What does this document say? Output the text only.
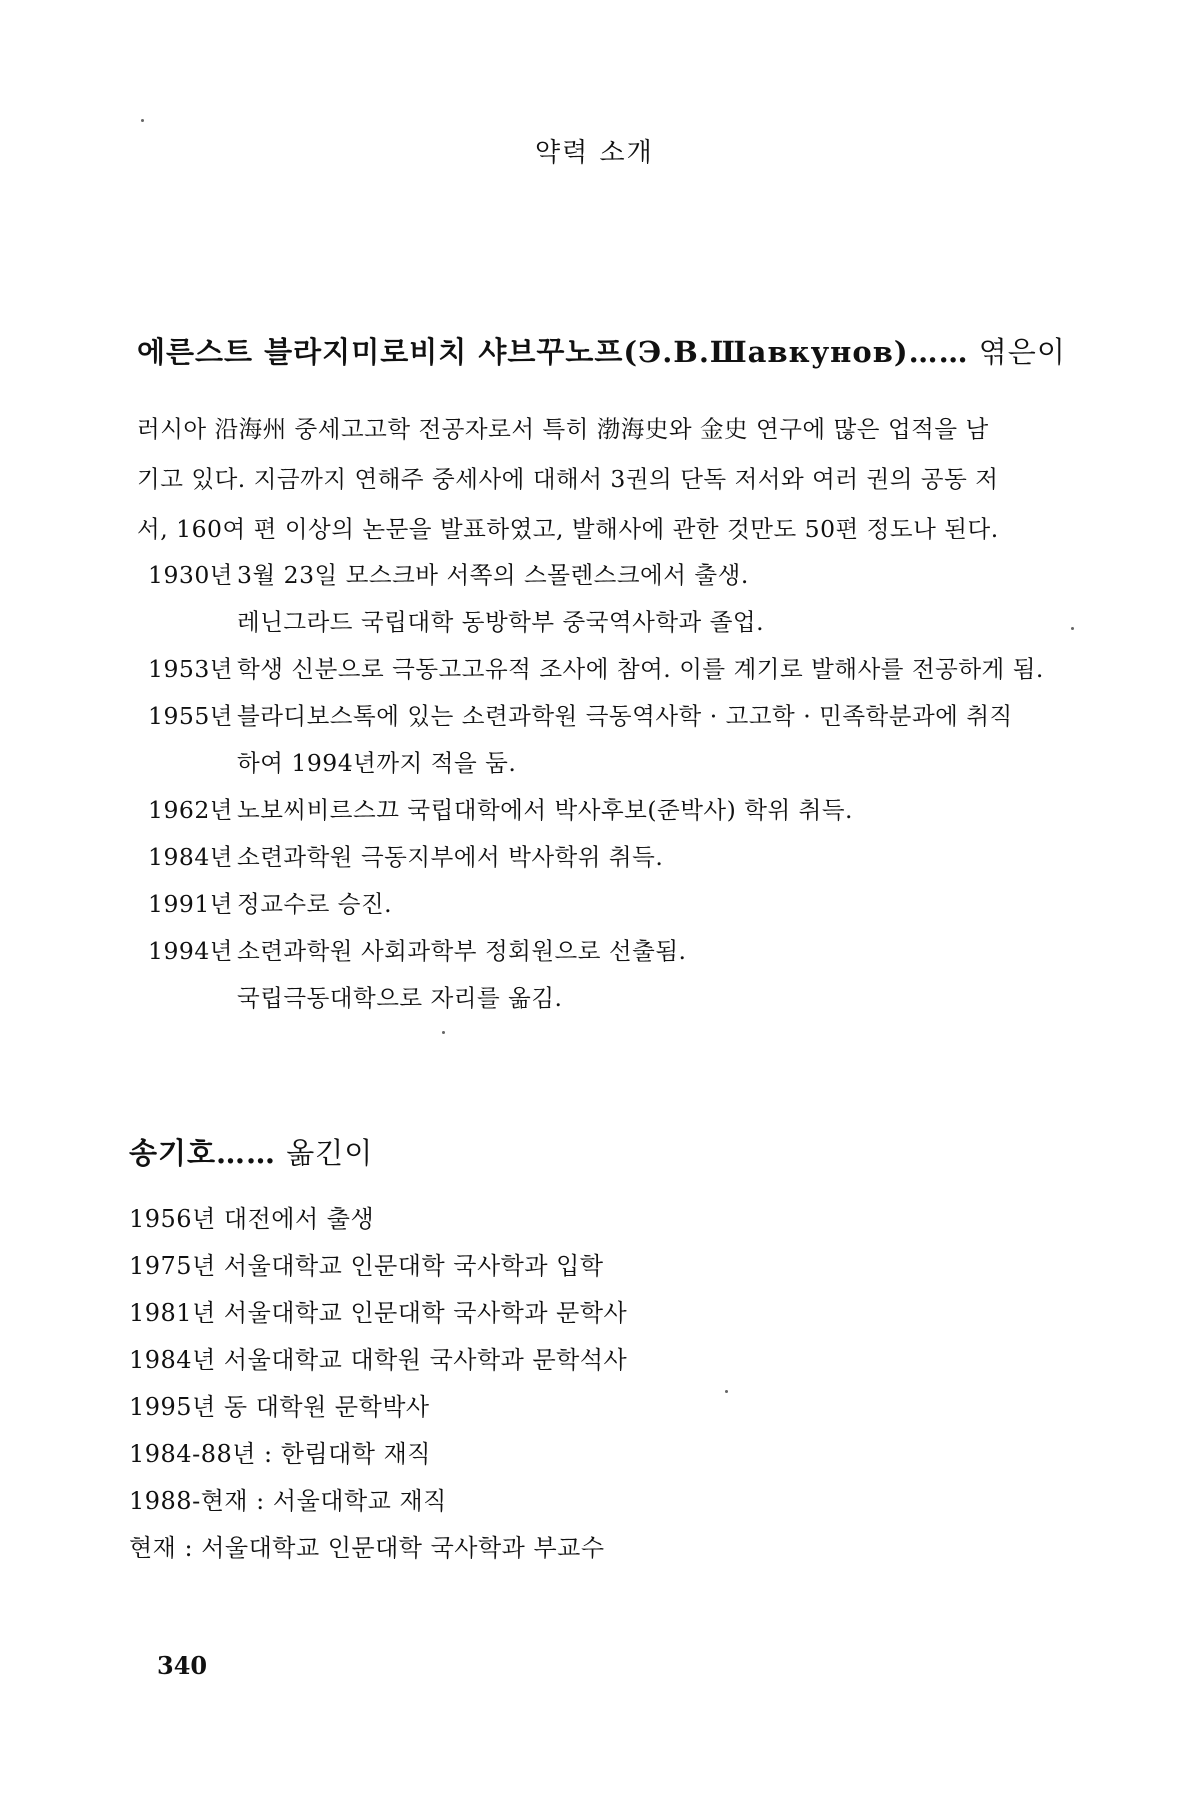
약력 소개
에른스트 블라지미로비치 샤브꾸노프(Э.В.Шавкунов)…… 엮은이
러시아 沿海州 중세고고학 전공자로서 특히 渤海史와 金史 연구에 많은 업적을 남
기고 있다. 지금까지 연해주 중세사에 대해서 3권의 단독 저서와 여러 권의 공동 저
서, 160여 편 이상의 논문을 발표하였고, 발해사에 관한 것만도 50편 정도나 된다.
1930년 3월 23일 모스크바 서쪽의 스몰렌스크에서 출생.
레닌그라드 국립대학 동방학부 중국역사학과 졸업.
1953년 학생 신분으로 극동고고유적 조사에 참여. 이를 계기로 발해사를 전공하게 됨.
1955년 블라디보스톡에 있는 소련과학원 극동역사학 · 고고학 · 민족학분과에 취직
하여 1994년까지 적을 둠.
1962년 노보씨비르스끄 국립대학에서 박사후보(준박사) 학위 취득.
1984년 소련과학원 극동지부에서 박사학위 취득.
1991년 정교수로 승진.
1994년 소련과학원 사회과학부 정회원으로 선출됨.
국립극동대학으로 자리를 옮김.
송기호…… 옮긴이
1956년 대전에서 출생
1975년 서울대학교 인문대학 국사학과 입학
1981년 서울대학교 인문대학 국사학과 문학사
1984년 서울대학교 대학원 국사학과 문학석사
1995년 동 대학원 문학박사
1984-88년 : 한림대학 재직
1988-현재 : 서울대학교 재직
현재 : 서울대학교 인문대학 국사학과 부교수
340
